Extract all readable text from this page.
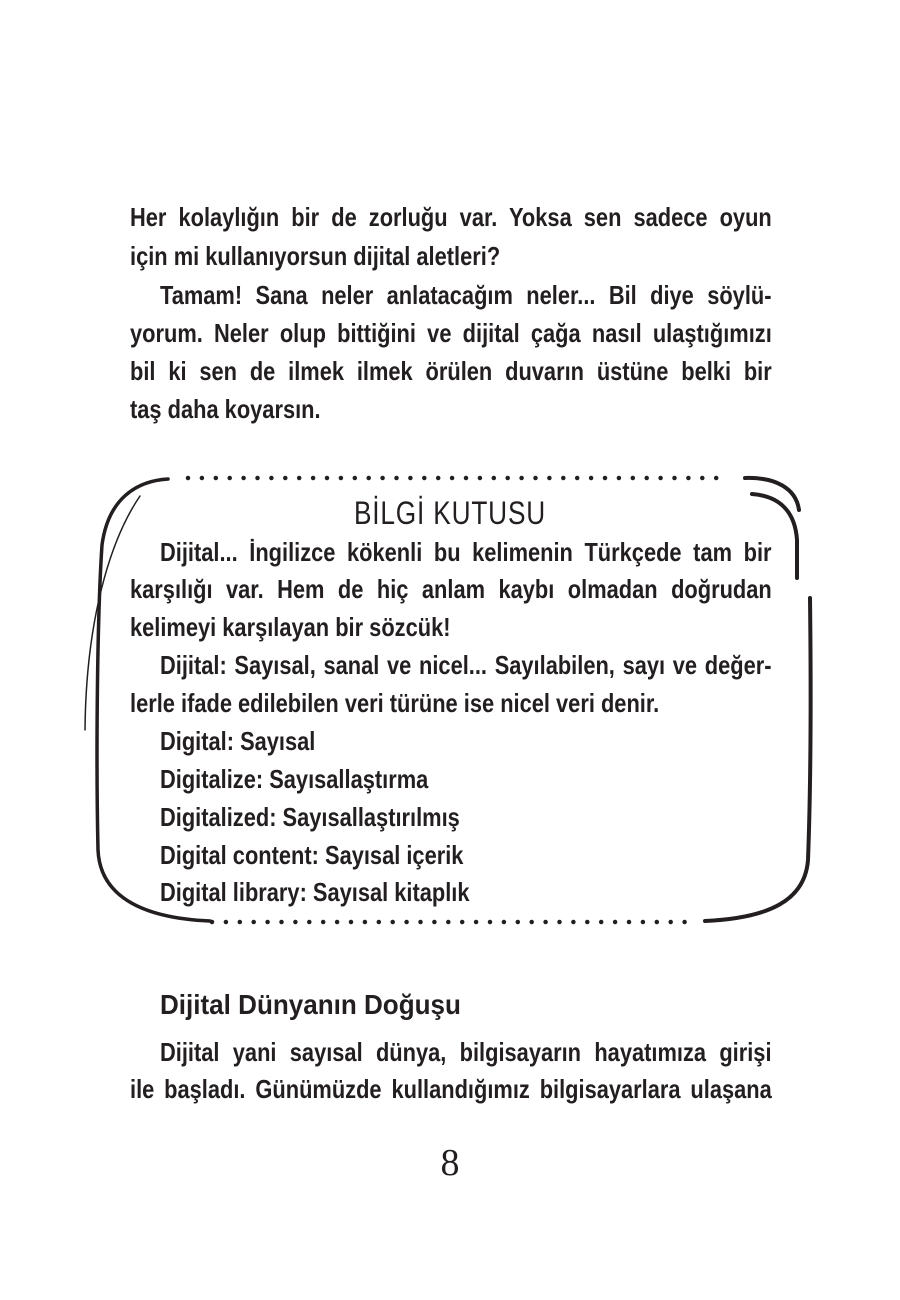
Her kolaylığın bir de zorluğu var. Yoksa sen sadece oyun
için mi kullanıyorsun dijital aletleri?
Tamam! Sana neler anlatacağım neler... Bil diye söylü-
yorum. Neler olup bittiğini ve dijital çağa nasıl ulaştığımızı
bil ki sen de ilmek ilmek örülen duvarın üstüne belki bir
taş daha koyarsın.
BİLGİ KUTUSU
Dijital... İngilizce kökenli bu kelimenin Türkçede tam bir
karşılığı var. Hem de hiç anlam kaybı olmadan doğrudan
kelimeyi karşılayan bir sözcük!
Dijital: Sayısal, sanal ve nicel... Sayılabilen, sayı ve değer-
lerle ifade edilebilen veri türüne ise nicel veri denir.
Digital: Sayısal
Digitalize: Sayısallaştırma
Digitalized: Sayısallaştırılmış
Digital content: Sayısal içerik
Digital library: Sayısal kitaplık
Dijital Dünyanın Doğuşu
Dijital yani sayısal dünya, bilgisayarın hayatımıza girişi
ile başladı. Günümüzde kullandığımız bilgisayarlara ulaşana
8
